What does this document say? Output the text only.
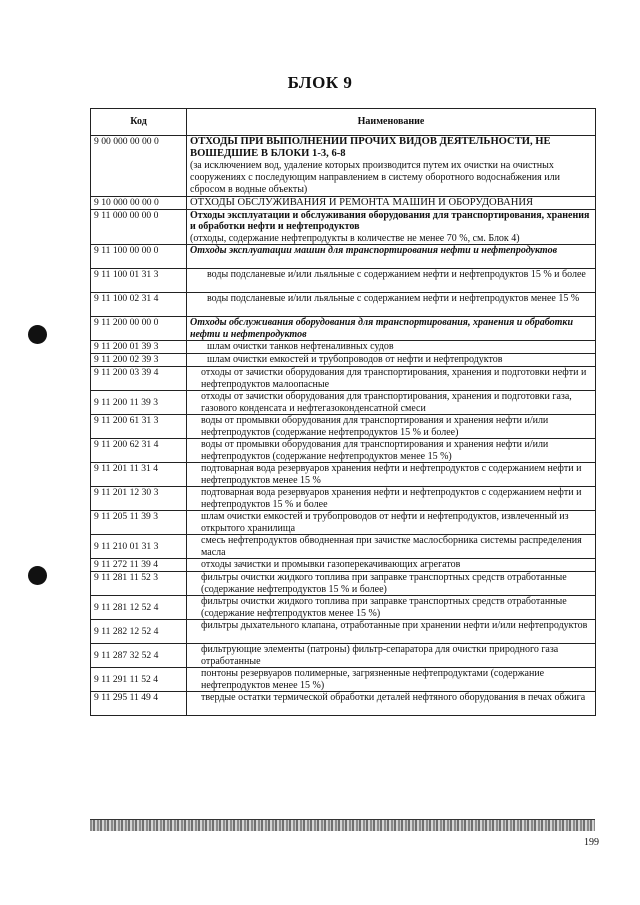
БЛОК 9
Код	Наименование
9 00 000 00 00 0	ОТХОДЫ ПРИ ВЫПОЛНЕНИИ ПРОЧИХ ВИДОВ ДЕЯТЕЛЬНОСТИ, НЕ ВОШЕДШИЕ В БЛОКИ 1-3, 6-8
(за исключением вод, удаление которых производится путем их очистки на очистных сооружениях с последующим направлением в систему оборотного водоснабжения или сбросом в водные объекты)

9 10 000 00 00 0	ОТХОДЫ ОБСЛУЖИВАНИЯ И РЕМОНТА МАШИН И ОБОРУДОВАНИЯ
9 11 000 00 00 0	Отходы эксплуатации и обслуживания оборудования для транспортирования, хранения и обработки нефти и нефтепродуктов
(отходы, содержание нефтепродукты в количестве не менее 70 %, см. Блок 4)

9 11 100 00 00 0	Отходы эксплуатации машин для транспортирования нефти и нефтепродуктов
9 11 100 01 31 3	воды подсланевые и/или льяльные с содержанием нефти и нефтепродуктов 15 % и более
9 11 100 02 31 4	воды подсланевые и/или льяльные с содержанием нефти и нефтепродуктов менее 15 %
9 11 200 00 00 0	Отходы обслуживания оборудования для транспортирования, хранения и обработки нефти и нефтепродуктов
9 11 200 01 39 3	шлам очистки танков нефтеналивных судов
9 11 200 02 39 3	шлам очистки емкостей и трубопроводов от нефти и нефтепродуктов
9 11 200 03 39 4	отходы от зачистки оборудования для транспортирования, хранения и подготовки нефти и нефтепродуктов малоопасные
9 11 200 11 39 3	отходы от зачистки оборудования для транспортирования, хранения и подготовки газа, газового конденсата и нефтегазоконденсатной смеси
9 11 200 61 31 3	воды от промывки оборудования для транспортирования и хранения нефти и/или нефтепродуктов (содержание нефтепродуктов 15 % и более)
9 11 200 62 31 4	воды от промывки оборудования для транспортирования и хранения нефти и/или нефтепродуктов (содержание нефтепродуктов менее 15 %)
9 11 201 11 31 4	подтоварная вода резервуаров хранения нефти и нефтепродуктов с содержанием нефти и нефтепродуктов менее 15 %
9 11 201 12 30 3	подтоварная вода резервуаров хранения нефти и нефтепродуктов с содержанием нефти и нефтепродуктов 15 % и более
9 11 205 11 39 3	шлам очистки емкостей и трубопроводов от нефти и нефтепродуктов, извлеченный из открытого хранилища
9 11 210 01 31 3	смесь нефтепродуктов обводненная при зачистке маслосборника системы распределения масла
9 11 272 11 39 4	отходы зачистки и промывки газоперекачивающих агрегатов
9 11 281 11 52 3	фильтры очистки жидкого топлива при заправке транспортных средств отработанные (содержание нефтепродуктов 15 % и более)
9 11 281 12 52 4	фильтры очистки жидкого топлива при заправке транспортных средств отработанные (содержание нефтепродуктов менее 15 %)
9 11 282 12 52 4	фильтры дыхательного клапана, отработанные при хранении нефти и/или нефтепродуктов
9 11 287 32 52 4	фильтрующие элементы (патроны) фильтр-сепаратора для очистки природного газа отработанные
9 11 291 11 52 4	понтоны резервуаров полимерные, загрязненные нефтепродуктами (содержание нефтепродуктов менее 15 %)
9 11 295 11 49 4	твердые остатки термической обработки деталей нефтяного оборудования в печах обжига
199
